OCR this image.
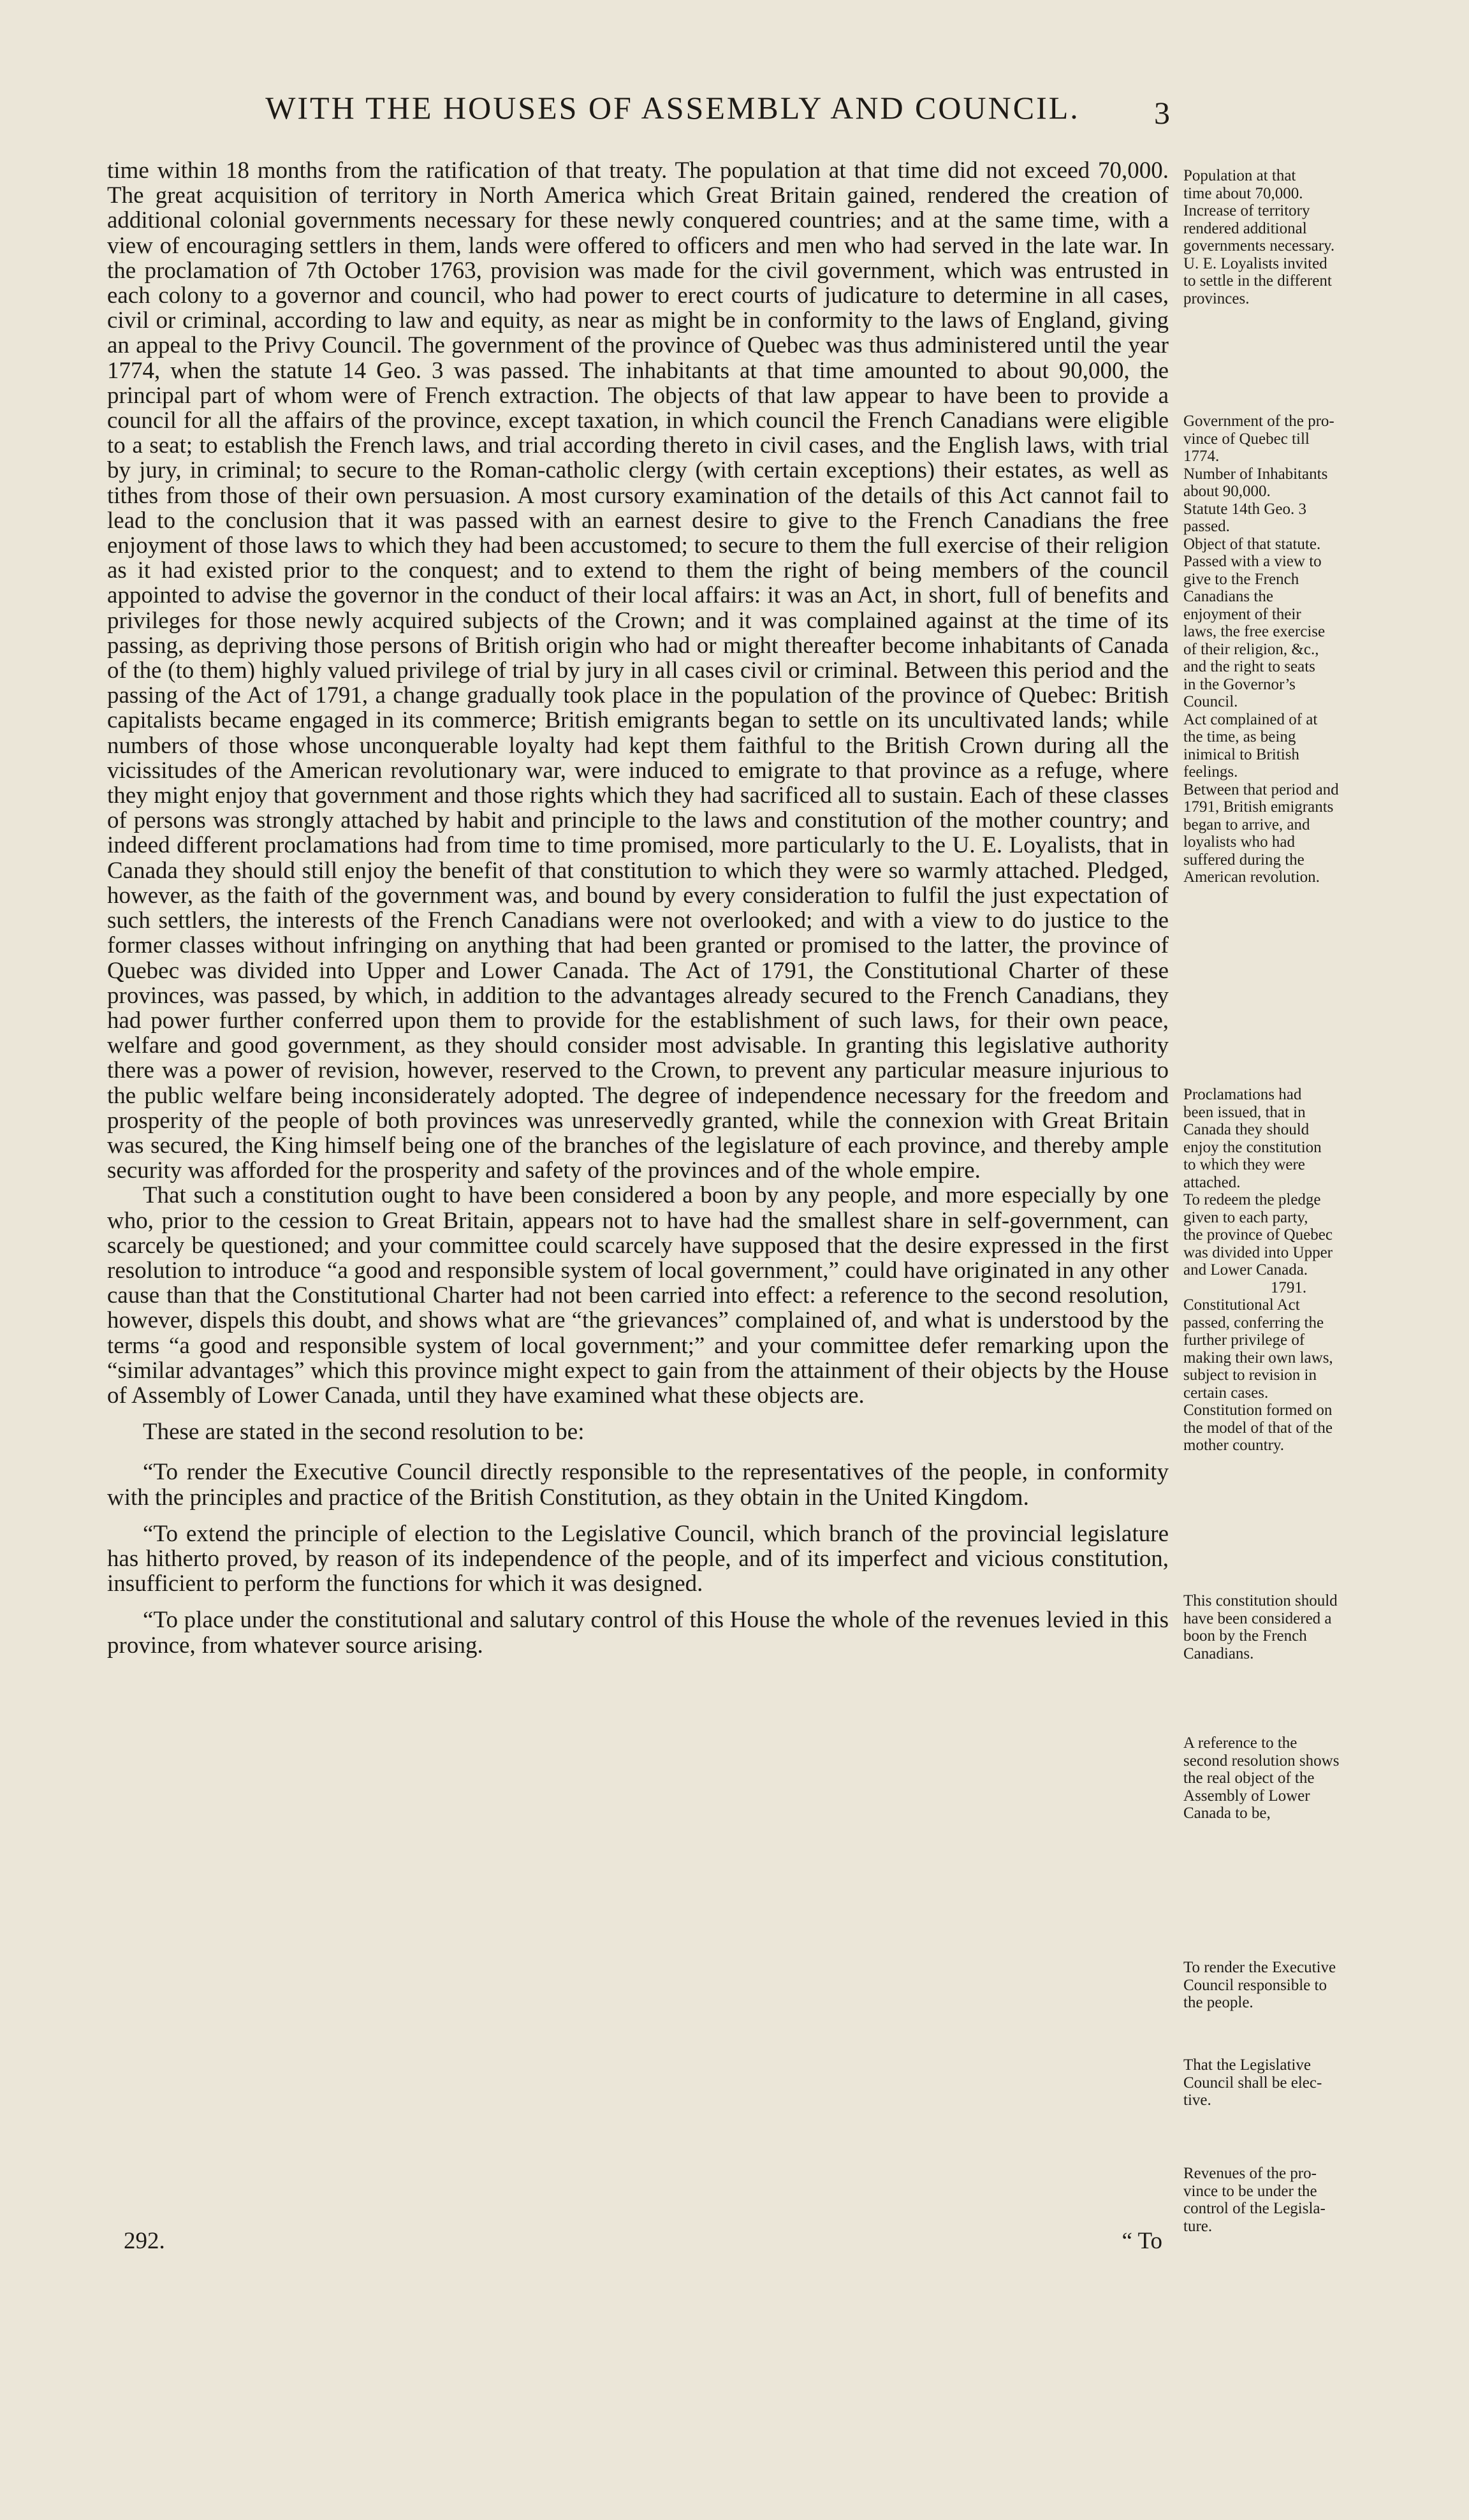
WITH THE HOUSES OF ASSEMBLY AND COUNCIL.	3

time within 18 months from the ratification of that treaty. The population at that time did not exceed 70,000. The great acquisition of territory in North America which Great Britain gained, rendered the creation of additional colonial governments necessary for these newly conquered countries; and at the same time, with a view of encouraging settlers in them, lands were offered to officers and men who had served in the late war. In the proclamation of 7th October 1763, provision was made for the civil government, which was entrusted in each colony to a governor and council, who had power to erect courts of judicature to determine in all cases, civil or criminal, according to law and equity, as near as might be in conformity to the laws of England, giving an appeal to the Privy Council. The government of the province of Quebec was thus administered until the year 1774, when the statute 14 Geo. 3 was passed. The inhabitants at that time amounted to about 90,000, the principal part of whom were of French extraction. The objects of that law appear to have been to provide a council for all the affairs of the province, except taxation, in which council the French Canadians were eligible to a seat; to establish the French laws, and trial according thereto in civil cases, and the English laws, with trial by jury, in criminal; to secure to the Roman-catholic clergy (with certain exceptions) their estates, as well as tithes from those of their own persuasion. A most cursory examination of the details of this Act cannot fail to lead to the conclusion that it was passed with an earnest desire to give to the French Canadians the free enjoyment of those laws to which they had been accustomed; to secure to them the full exercise of their religion as it had existed prior to the conquest; and to extend to them the right of being members of the council appointed to advise the governor in the conduct of their local affairs: it was an Act, in short, full of benefits and privileges for those newly acquired subjects of the Crown; and it was complained against at the time of its passing, as depriving those persons of British origin who had or might thereafter become inhabitants of Canada of the (to them) highly valued privilege of trial by jury in all cases civil or criminal. Between this period and the passing of the Act of 1791, a change gradually took place in the population of the province of Quebec: British capitalists became engaged in its commerce; British emigrants began to settle on its uncultivated lands; while numbers of those whose unconquerable loyalty had kept them faithful to the British Crown during all the vicissitudes of the American revolutionary war, were induced to emigrate to that province as a refuge, where they might enjoy that government and those rights which they had sacrificed all to sustain. Each of these classes of persons was strongly attached by habit and principle to the laws and constitution of the mother country; and indeed different proclamations had from time to time promised, more particularly to the U. E. Loyalists, that in Canada they should still enjoy the benefit of that constitution to which they were so warmly attached. Pledged, however, as the faith of the government was, and bound by every consideration to fulfil the just expectation of such settlers, the interests of the French Canadians were not overlooked; and with a view to do justice to the former classes without infringing on anything that had been granted or promised to the latter, the province of Quebec was divided into Upper and Lower Canada. The Act of 1791, the Constitutional Charter of these provinces, was passed, by which, in addition to the advantages already secured to the French Canadians, they had power further conferred upon them to provide for the establishment of such laws, for their own peace, welfare and good government, as they should consider most advisable. In granting this legislative authority there was a power of revision, however, reserved to the Crown, to prevent any particular measure injurious to the public welfare being inconsiderately adopted. The degree of independence necessary for the freedom and prosperity of the people of both provinces was unreservedly granted, while the connexion with Great Britain was secured, the King himself being one of the branches of the legislature of each province, and thereby ample security was afforded for the prosperity and safety of the provinces and of the whole empire.

That such a constitution ought to have been considered a boon by any people, and more especially by one who, prior to the cession to Great Britain, appears not to have had the smallest share in self-government, can scarcely be questioned; and your committee could scarcely have supposed that the desire expressed in the first resolution to introduce “a good and responsible system of local government,” could have originated in any other cause than that the Constitutional Charter had not been carried into effect: a reference to the second resolution, however, dispels this doubt, and shows what are “the grievances” complained of, and what is understood by the terms “a good and responsible system of local government;” and your committee defer remarking upon the “similar advantages” which this province might expect to gain from the attainment of their objects by the House of Assembly of Lower Canada, until they have examined what these objects are.

These are stated in the second resolution to be:

“To render the Executive Council directly responsible to the representatives of the people, in conformity with the principles and practice of the British Constitution, as they obtain in the United Kingdom.

“To extend the principle of election to the Legislative Council, which branch of the provincial legislature has hitherto proved, by reason of its independence of the people, and of its imperfect and vicious constitution, insufficient to perform the functions for which it was designed.

“To place under the constitutional and salutary control of this House the whole of the revenues levied in this province, from whatever source arising.

292.	“ To
Population at that
time about 70,000.
Increase of territory
rendered additional
governments necessary.
U. E. Loyalists invited
to settle in the different
provinces.
Government of the pro-
vince of Quebec till
1774.
Number of Inhabitants
about 90,000.
Statute 14th Geo. 3
passed.
Object of that statute.
Passed with a view to
give to the French
Canadians the
enjoyment of their
laws, the free exercise
of their religion, &c.,
and the right to seats
in the Governor’s
Council.
Act complained of at
the time, as being
inimical to British
feelings.
Between that period and
1791, British emigrants
began to arrive, and
loyalists who had
suffered during the
American revolution.
Proclamations had
been issued, that in
Canada they should
enjoy the constitution
to which they were
attached.
To redeem the pledge
given to each party,
the province of Quebec
was divided into Upper
and Lower Canada.
1791.
Constitutional Act
passed, conferring the
further privilege of
making their own laws,
subject to revision in
certain cases.
Constitution formed on
the model of that of the
mother country.
This constitution should
have been considered a
boon by the French
Canadians.
A reference to the
second resolution shows
the real object of the
Assembly of Lower
Canada to be,
To render the Executive
Council responsible to
the people.
That the Legislative
Council shall be elec-
tive.
Revenues of the pro-
vince to be under the
control of the Legisla-
ture.
